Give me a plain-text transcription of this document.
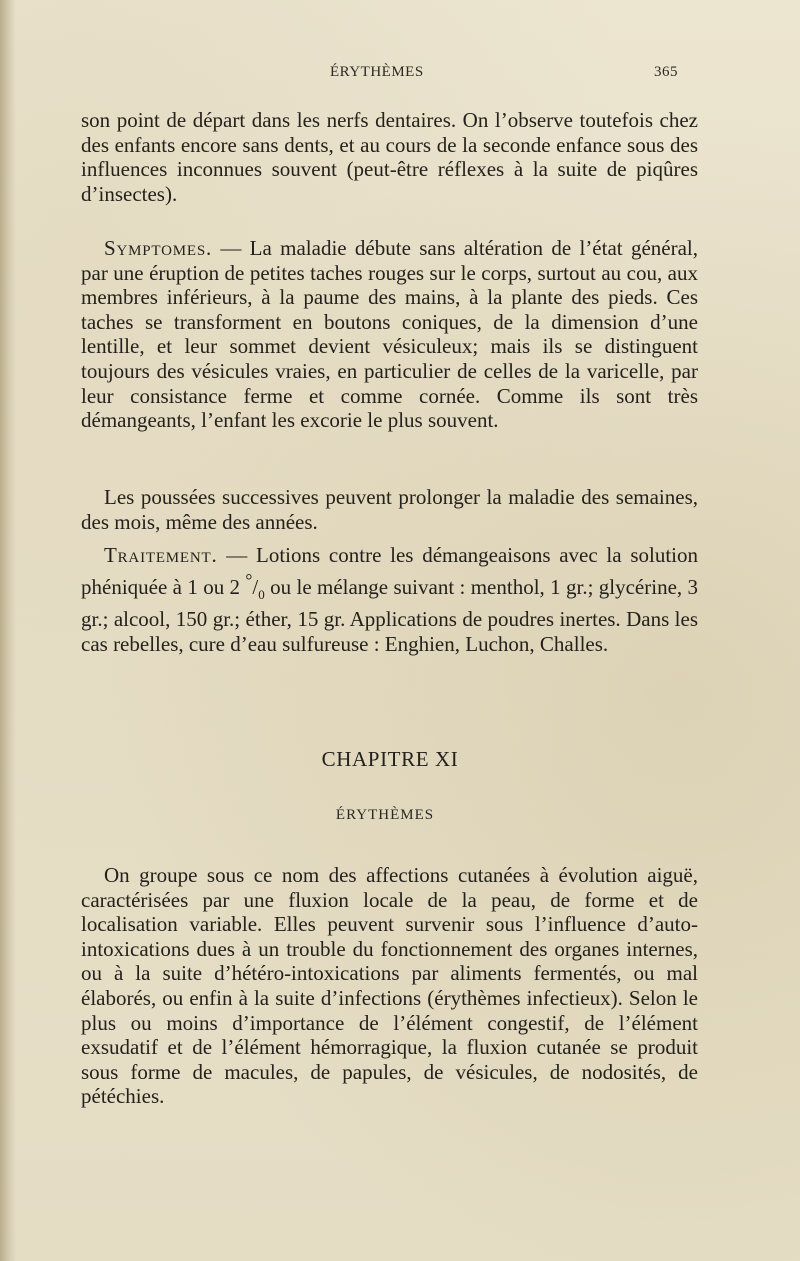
ÉRYTHÈMES	365

son point de départ dans les nerfs dentaires. On l’observe toutefois chez des enfants encore sans dents, et au cours de la seconde enfance sous des influences inconnues souvent (peut-être réflexes à la suite de piqûres d’insectes).

Symptomes. — La maladie débute sans altération de l’état général, par une éruption de petites taches rouges sur le corps, surtout au cou, aux membres inférieurs, à la paume des mains, à la plante des pieds. Ces taches se transforment en boutons coniques, de la dimension d’une lentille, et leur sommet devient vésiculeux; mais ils se distinguent toujours des vésicules vraies, en particulier de celles de la varicelle, par leur consistance ferme et comme cornée. Comme ils sont très démangeants, l’enfant les excorie le plus souvent.

Les poussées successives peuvent prolonger la maladie des semaines, des mois, même des années.

Traitement. — Lotions contre les démangeaisons avec la solution phéniquée à 1 ou 2 $^\circ/_0$ ou le mélange suivant : menthol, 1 gr.; glycérine, 3 gr.; alcool, 150 gr.; éther, 15 gr. Applications de poudres inertes. Dans les cas rebelles, cure d’eau sulfureuse : Enghien, Luchon, Challes.

CHAPITRE XI
ÉRYTHÈMES

On groupe sous ce nom des affections cutanées à évolution aiguë, caractérisées par une fluxion locale de la peau, de forme et de localisation variable. Elles peuvent survenir sous l’influence d’auto-intoxications dues à un trouble du fonctionnement des organes internes, ou à la suite d’hétéro-intoxications par aliments fermentés, ou mal élaborés, ou enfin à la suite d’infections (érythèmes infectieux). Selon le plus ou moins d’importance de l’élément congestif, de l’élément exsudatif et de l’élément hémorragique, la fluxion cutanée se produit sous forme de macules, de papules, de vésicules, de nodosités, de pétéchies.
